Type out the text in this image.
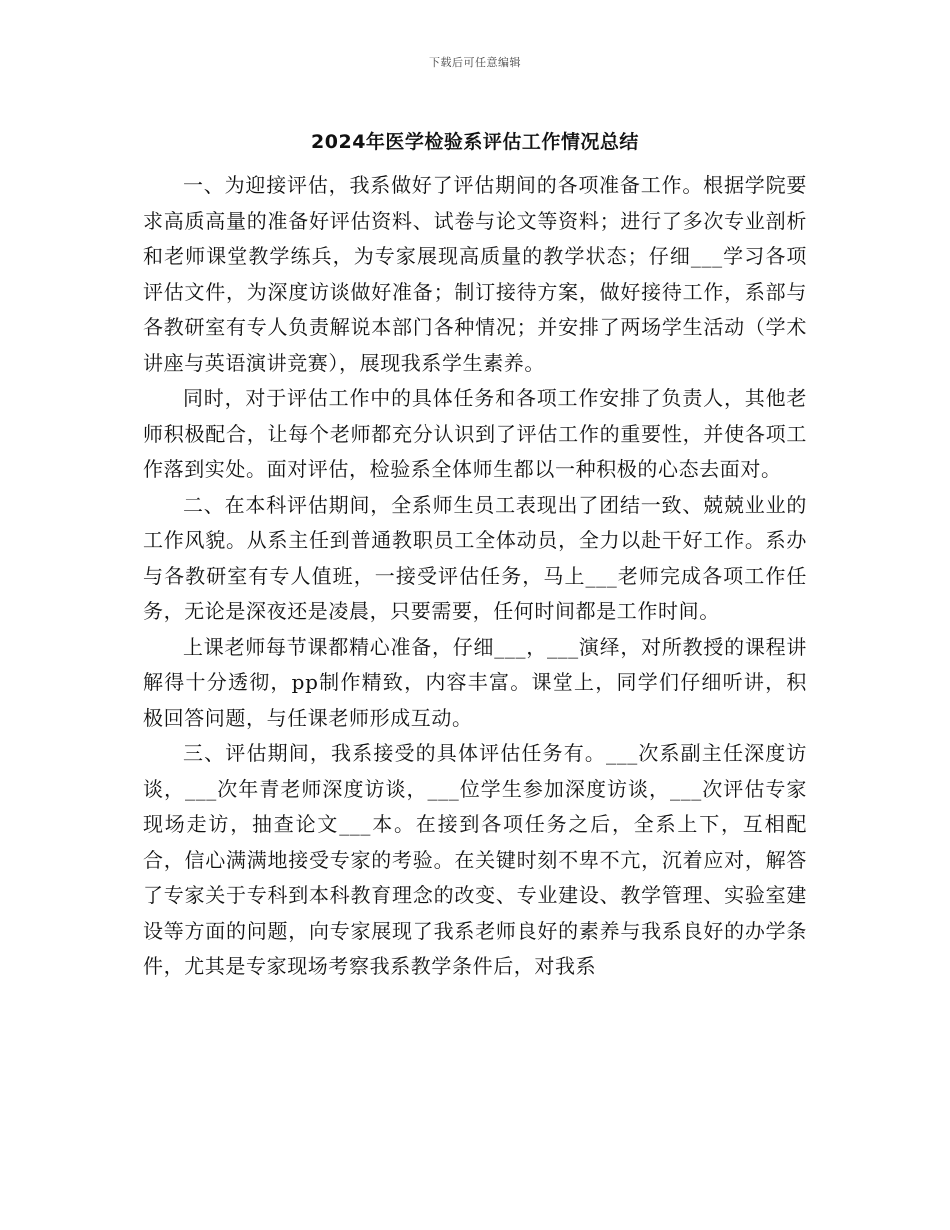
下载后可任意编辑
2024年医学检验系评估工作情况总结

一、为迎接评估，我系做好了评估期间的各项准备工作。根据学院要求高质高量的准备好评估资料、试卷与论文等资料；进行了多次专业剖析和老师课堂教学练兵，为专家展现高质量的教学状态；仔细___学习各项评估文件，为深度访谈做好准备；制订接待方案，做好接待工作，系部与各教研室有专人负责解说本部门各种情况；并安排了两场学生活动（学术讲座与英语演讲竞赛），展现我系学生素养。

同时，对于评估工作中的具体任务和各项工作安排了负责人，其他老师积极配合，让每个老师都充分认识到了评估工作的重要性，并使各项工作落到实处。面对评估，检验系全体师生都以一种积极的心态去面对。

二、在本科评估期间，全系师生员工表现出了团结一致、兢兢业业的工作风貌。从系主任到普通教职员工全体动员，全力以赴干好工作。系办与各教研室有专人值班，一接受评估任务，马上___老师完成各项工作任务，无论是深夜还是凌晨，只要需要，任何时间都是工作时间。

上课老师每节课都精心准备，仔细___，___演绎，对所教授的课程讲解得十分透彻，pp制作精致，内容丰富。课堂上，同学们仔细听讲，积极回答问题，与任课老师形成互动。

三、评估期间，我系接受的具体评估任务有。___次系副主任深度访谈，___次年青老师深度访谈，___位学生参加深度访谈，___次评估专家现场走访，抽查论文___本。在接到各项任务之后，全系上下，互相配合，信心满满地接受专家的考验。在关键时刻不卑不亢，沉着应对，解答了专家关于专科到本科教育理念的改变、专业建设、教学管理、实验室建设等方面的问题，向专家展现了我系老师良好的素养与我系良好的办学条件，尤其是专家现场考察我系教学条件后，对我系
